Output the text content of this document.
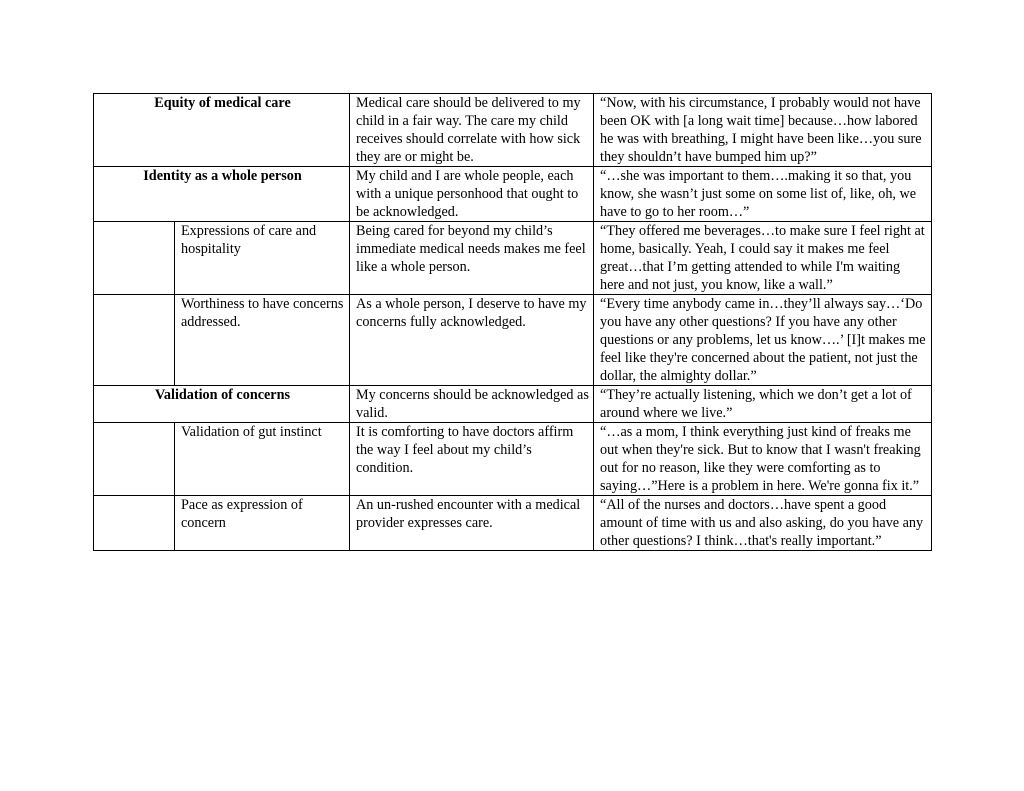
Equity of medical care		Medical care should be delivered to my child in a fair way. The care my child receives should correlate with how sick they are or might be.	“Now, with his circumstance, I probably would not have been OK with [a long wait time] because…how labored he was with breathing, I might have been like…you sure they shouldn’t have bumped him up?”
Identity as a whole person		My child and I are whole people, each with a unique personhood that ought to be acknowledged.	“…she was important to them….making it so that, you know, she wasn’t just some on some list of, like, oh, we have to go to her room…”
	Expressions of care and hospitality	Being cared for beyond my child’s immediate medical needs makes me feel like a whole person.	“They offered me beverages…to make sure I feel right at home, basically. Yeah, I could say it makes me feel great…that I’m getting attended to while I'm waiting here and not just, you know, like a wall.”
	Worthiness to have concerns addressed.	As a whole person, I deserve to have my concerns fully acknowledged.	“Every time anybody came in…they’ll always say…‘Do you have any other questions? If you have any other questions or any problems, let us know….’ [I]t makes me feel like they're concerned about the patient, not just the dollar, the almighty dollar.”
Validation of concerns		My concerns should be acknowledged as valid.	“They’re actually listening, which we don’t get a lot of around where we live.”
	Validation of gut instinct	It is comforting to have doctors affirm the way I feel about my child’s condition.	“…as a mom, I think everything just kind of freaks me out when they're sick. But to know that I wasn't freaking out for no reason, like they were comforting as to saying…”Here is a problem in here. We're gonna fix it.”
	Pace as expression of concern	An un-rushed encounter with a medical provider expresses care.	“All of the nurses and doctors…have spent a good amount of time with us and also asking, do you have any other questions? I think…that's really important.”
